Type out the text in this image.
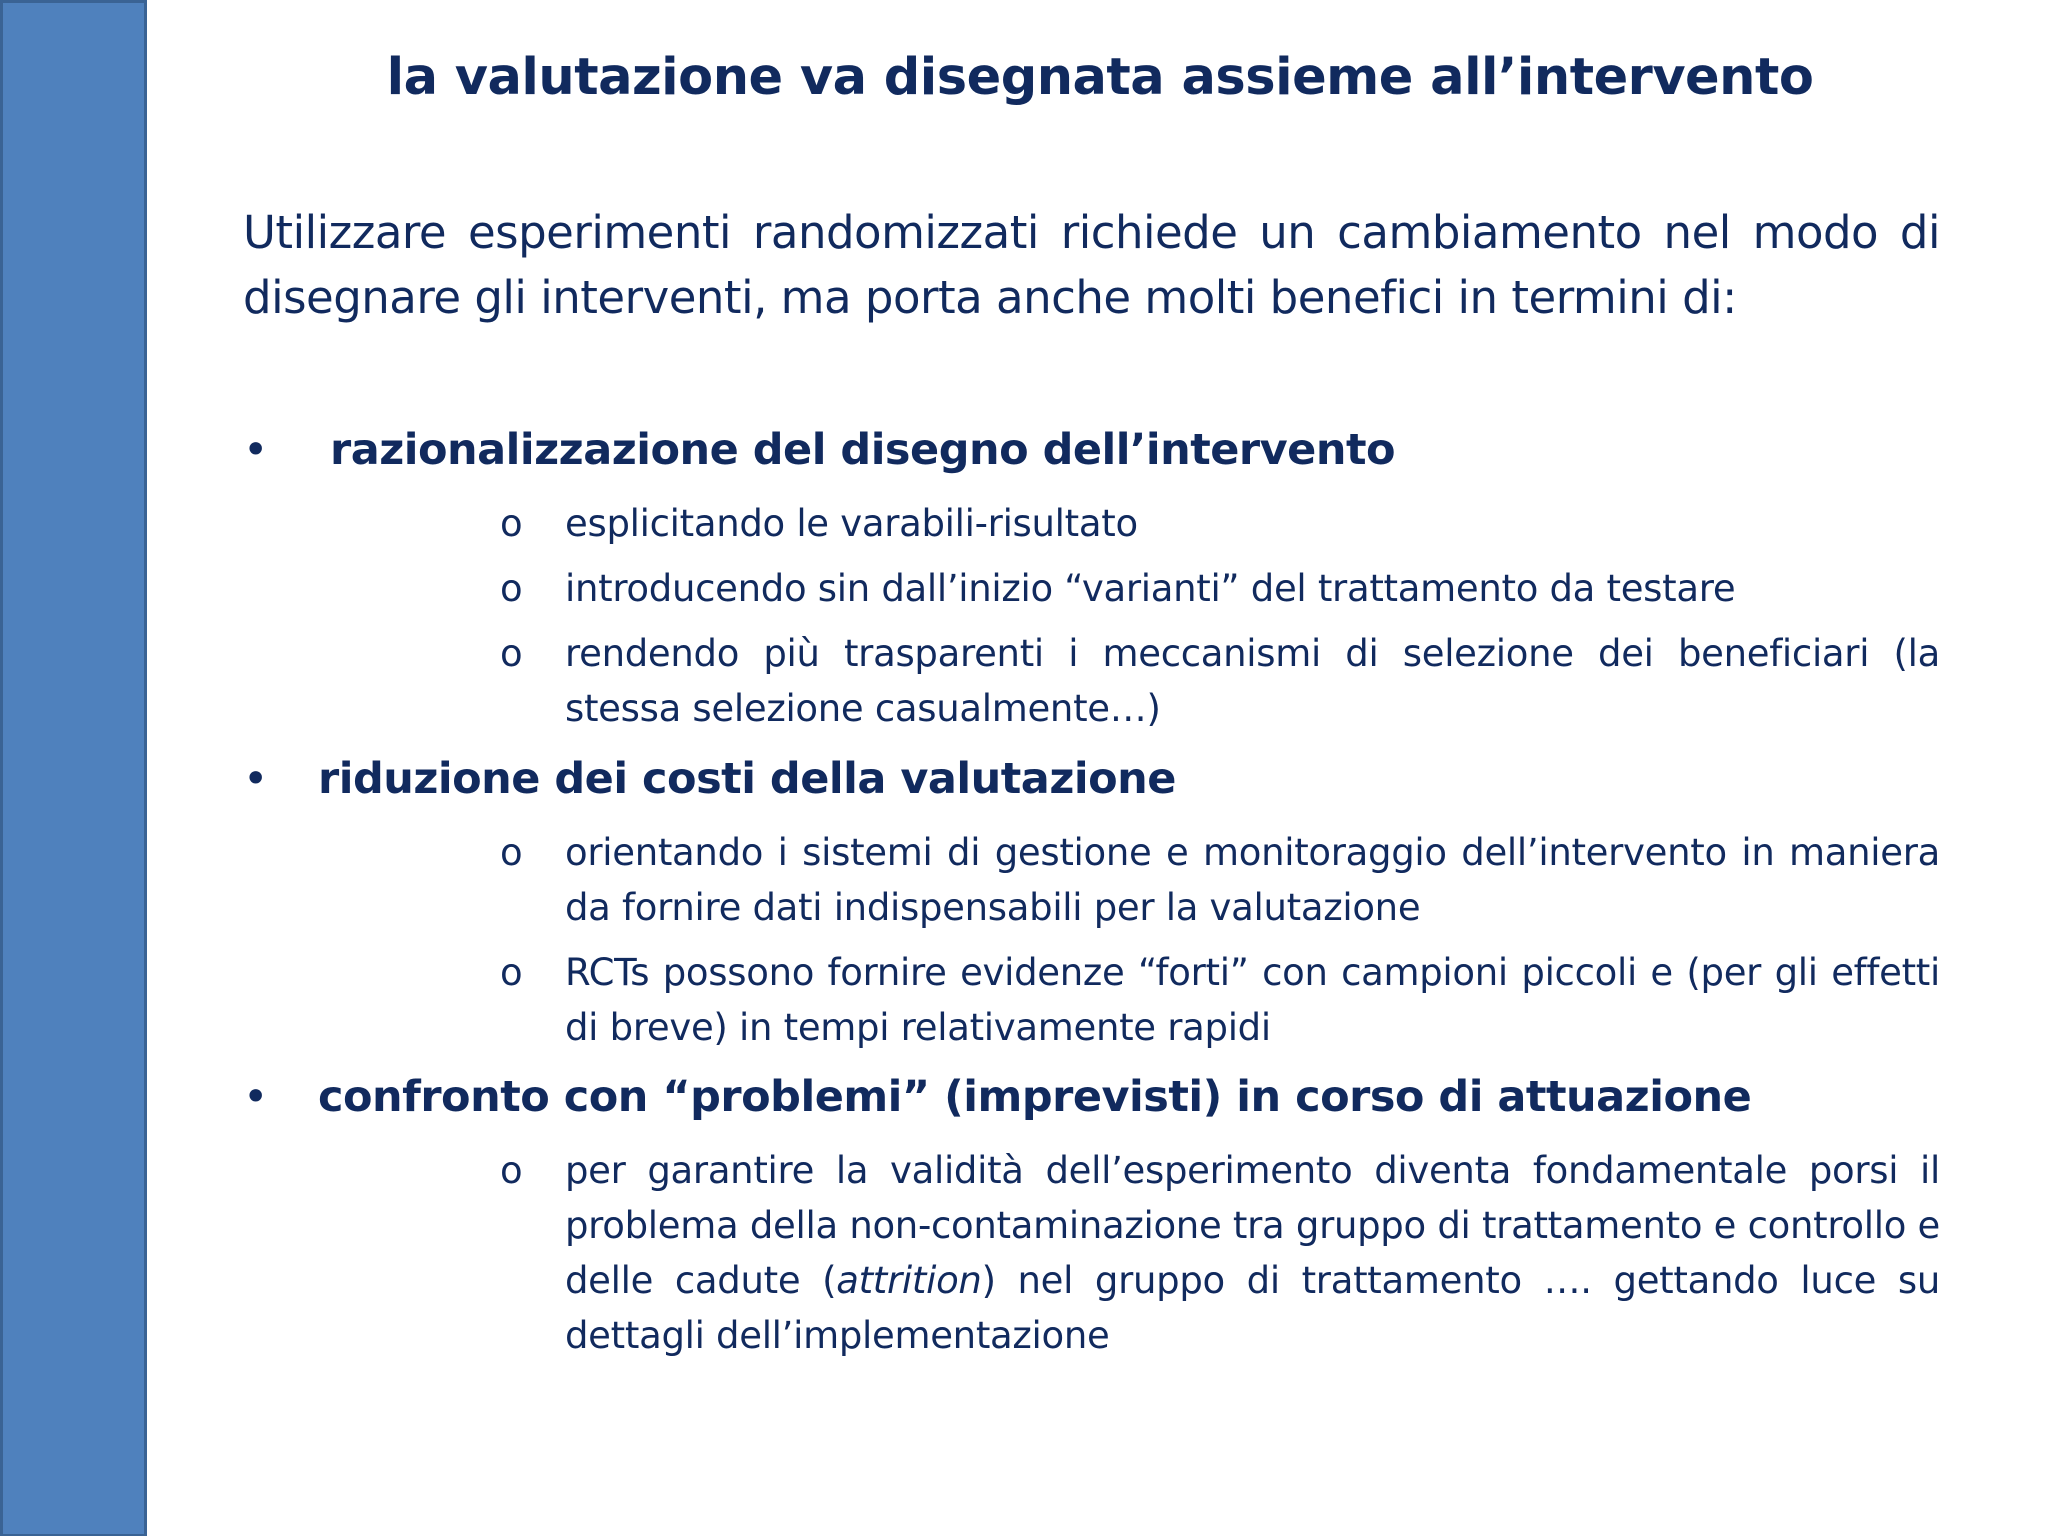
la valutazione va disegnata assieme all’intervento
Utilizzare esperimenti randomizzati richiede un cambiamento nel modo di disegnare gli interventi, ma porta anche molti benefici in termini di:
• razionalizzazione del disegno dell’intervento
o	esplicitando le varabili-risultato
o	introducendo sin dall’inizio “varianti” del trattamento da testare
o	rendendo più trasparenti i meccanismi di selezione dei beneficiari (la stessa selezione casualmente…)
• riduzione dei costi della valutazione
o	orientando i sistemi di gestione e monitoraggio dell’intervento in maniera da fornire dati indispensabili per la valutazione
o	RCTs possono fornire evidenze “forti” con campioni piccoli e (per gli effetti di breve) in tempi relativamente rapidi
• confronto con “problemi” (imprevisti) in corso di attuazione
o	per garantire la validità dell’esperimento diventa fondamentale porsi il problema della non-contaminazione tra gruppo di trattamento e controllo e delle cadute (attrition) nel gruppo di trattamento …. gettando luce su dettagli dell’implementazione
